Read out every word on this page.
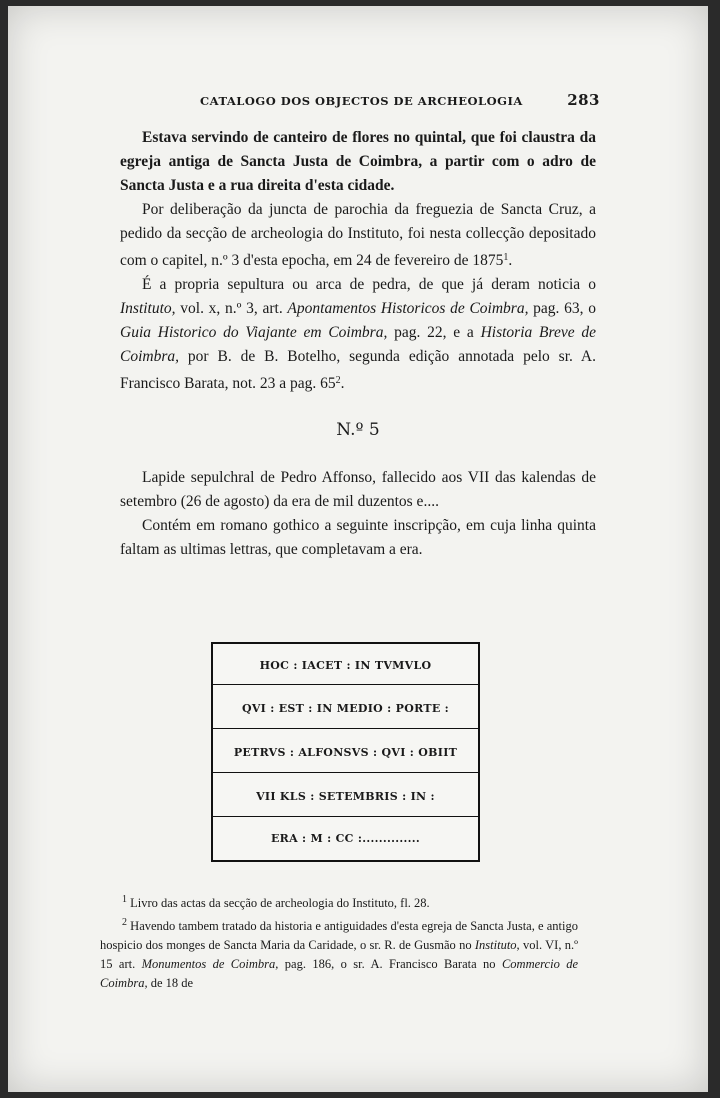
CATALOGO DOS OBJECTOS DE ARCHEOLOGIA	283

Estava servindo de canteiro de flores no quintal, que foi claustra da egreja antiga de Sancta Justa de Coimbra, a partir com o adro de Sancta Justa e a rua direita d'esta cidade.

Por deliberação da juncta de parochia da freguezia de Sancta Cruz, a pedido da secção de archeologia do Instituto, foi nesta collecção depositado com o capitel, n.º 3 d'esta epocha, em 24 de fevereiro de 1875$^1$.

É a propria sepultura ou arca de pedra, de que já deram noticia o Instituto, vol. x, n.º 3, art. Apontamentos Historicos de Coimbra, pag. 63, o Guia Historico do Viajante em Coimbra, pag. 22, e a Historia Breve de Coimbra, por B. de B. Botelho, segunda edição annotada pelo sr. A. Francisco Barata, not. 23 a pag. $65^2$.

N.º 5

Lapide sepulchral de Pedro Affonso, fallecido aos VII das kalendas de setembro (26 de agosto) da era de mil duzentos e....

Contém em romano gothico a seguinte inscripção, em cuja linha quinta faltam as ultimas lettras, que completavam a era.

HOC : IACET : IN TVMVLO
QVI : EST : IN MEDIO : PORTE :
PETRVS : ALFONSVS : QVI : OBIIT
VII KLS : SETEMBRIS : IN :
ERA : M : CC :..............

$^1$ Livro das actas da secção de archeologia do Instituto, fl. 28.

$^2$ Havendo tambem tratado da historia e antiguidades d'esta egreja de Sancta Justa, e antigo hospicio dos monges de Sancta Maria da Caridade, o sr. R. de Gusmão no Instituto, vol. VI, n.º 15 art. Monumentos de Coimbra, pag. 186, o sr. A. Francisco Barata no Commercio de Coimbra, de 18 de
